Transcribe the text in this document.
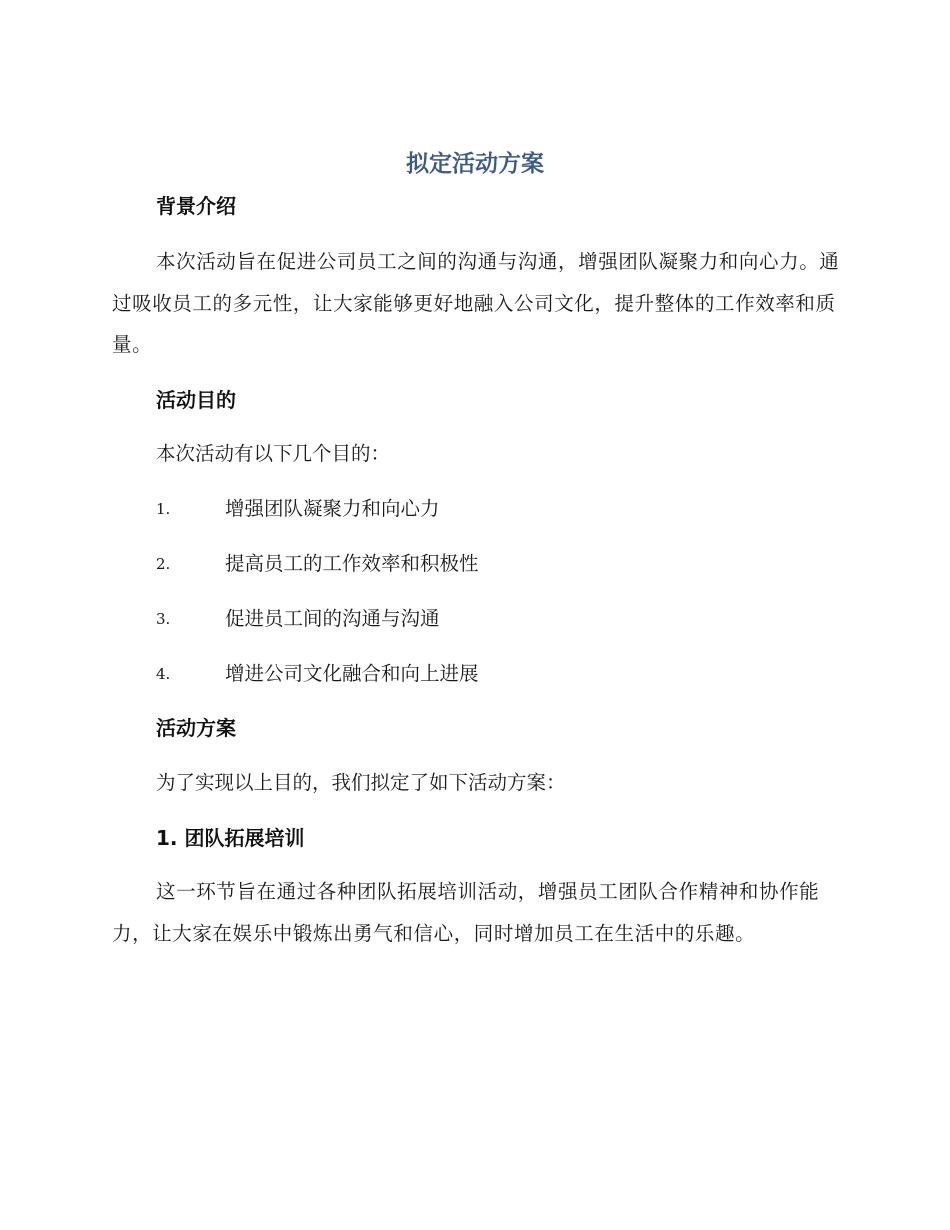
拟定活动方案
背景介绍
本次活动旨在促进公司员工之间的沟通与沟通，增强团队凝聚力和向心力。通过吸收员工的多元性，让大家能够更好地融入公司文化，提升整体的工作效率和质量。
活动目的
本次活动有以下几个目的：
1.	增强团队凝聚力和向心力
2.	提高员工的工作效率和积极性
3.	促进员工间的沟通与沟通
4.	增进公司文化融合和向上进展
活动方案
为了实现以上目的，我们拟定了如下活动方案：
1. 团队拓展培训
这一环节旨在通过各种团队拓展培训活动，增强员工团队合作精神和协作能力，让大家在娱乐中锻炼出勇气和信心，同时增加员工在生活中的乐趣。
